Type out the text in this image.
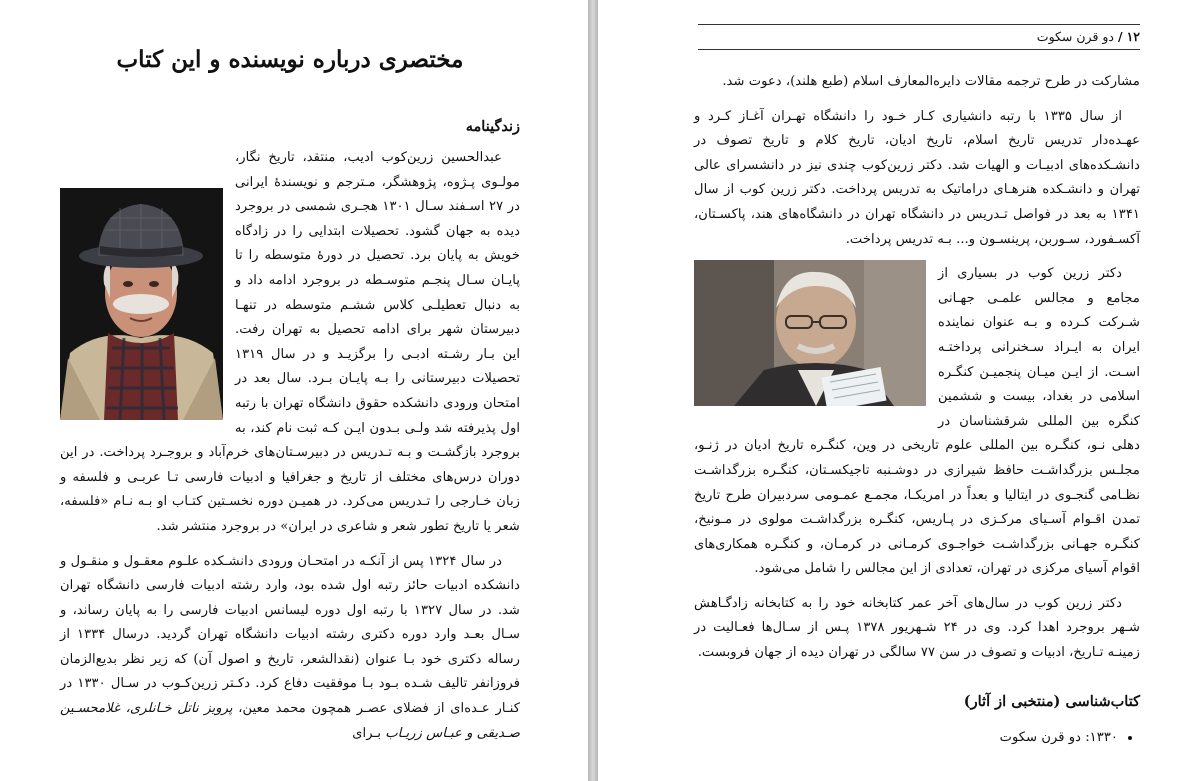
مختصری درباره نویسنده و این کتاب
زندگینامه

عبدالحسین زرین‌کوب ادیب، منتقد، تاریخ نگار، مولـوی پـژوه، پژوهشگر، مـترجم و نویسنده‌ٔ ایرانی در ۲۷ اسـفند سـال ۱۳۰۱ هجـری شمسی در بروجرد دیده به جهان گشود. تحصیلات ابتدایی را در زادگاه خویش به پایان برد. تحصیل در دوره‌ٔ متوسطه را تا پایـان سـال پنجـم متوسـطه در بروجرد ادامه داد و به دنبال تعطیلـی کلاس ششـم متوسطه در تنهـا دبیرستان شهر برای ادامه تحصیل به تهران رفت. این بـار رشـته ادبـی را برگزیـد و در سال ۱۳۱۹ تحصیلات دبیرستانی را بـه پایـان بـرد. سال بعد در امتحان ورودی دانشکده حقوق دانشگاه تهران با رتبه اول پذیرفته شد ولـی بـدون ایـن کـه ثبت نام کند، به بروجرد بازگشـت و بـه تـدریس در دبیرسـتان‌های خرم‌آباد و بروجـرد پرداخت. در این دوران درس‌های مختلف از تاریخ و جغرافیا و ادبیات فارسی تـا عربـی و فلسفه و زبان خـارجی را تـدریس می‌کرد. در همیـن دوره نخسـتین کتـاب او بـه نـام «فلسفه، شعر یا تاریخ تطور شعر و شاعری در ایران» در بروجرد منتشر شد.

در سال ۱۳۲۴ پس از آنکـه در امتحـان ورودی دانشـکده علـوم معقـول و منقـول و دانشکده ادبیات حائز رتبه اول شده بود، وارد رشته ادبیات فارسی دانشگاه تهران شد. در سال ۱۳۲۷ با رتبه اول دوره لیسانس ادبیات فارسی را به پایان رساند، و سـال بعـد وارد دوره دکتری رشته ادبیات دانشگاه تهران گردید. درسال ۱۳۳۴ از رساله دکتری خود بـا عنوان (نقدالشعر، تاریخ و اصول آن) که زیر نظر بدیع‌الزمان فروزانفر تالیف شـده بـود بـا موفقیت دفاع کرد. دکـتر زرین‌کـوب در سـال ۱۳۳۰ در کنـار عـده‌ای از فضلای عصـر همچون محمد معین، پرویز ناتل خـانلری، غلامحسـین صـدیقی و عبـاس زریـاب بـرای

۱۲ / دو قرن سکوت

مشارکت در طرح ترجمه مقالات دایره‌المعارف اسلام (طبع هلند)، دعوت شد.

از سال ۱۳۳۵ با رتبه دانشیاری کـار خـود را دانشگاه تهـران آغـاز کـرد و عهـده‌دار تدریس تاریخ اسلام، تاریخ ادیان، تاریخ کلام و تاریخ تصوف در دانشـکده‌های ادبیـات و الهیات شد. دکتر زرین‌کوب چندی نیز در دانشسرای عالی تهران و دانشـکده هنرهـای دراماتیک به تدریس پرداخت. دکتر زرین کوب از سال ۱۳۴۱ به بعد در فواصل تـدریس در دانشگاه تهران در دانشگاه‌های هند، پاکسـتان، آکسـفورد، سـوربن، پرینسـون و... بـه تدریس پرداخت.

دکتر زرین کوب در بسیاری از مجامع و مجالس علمـی جهـانی شـرکت کـرده و بـه عنوان نماینده ایران به ایـراد سـخنرانی پرداختـه اسـت. از ایـن میـان پنجمیـن کنگـره اسلامی در بغداد، بیست و ششمین کنگره بین المللی شرقشناسان در دهلی نـو، کنگـره بین المللی علوم تاریخی در وین، کنگـره تاریخ ادیان در ژنـو، مجلـس بزرگداشـت حافظ شیرازی در دوشـنبه تاجیکسـتان، کنگـره بزرگداشـت نظـامی گنجـوی در ایتالیا و بعداً در امریکـا، مجمـع عمـومی سردبیران طرح تاریخ تمدن اقـوام آسـیای مرکـزی در پـاریس، کنگـره بزرگداشـت مولوی در مـونیخ، کنگـره جهـانی بزرگداشـت خواجـوی کرمـانی در کرمـان، و کنگـره همکاری‌های اقوام آسیای مرکزی در تهران، تعدادی از این مجالس را شامل می‌شود.

دکتر زرین کوب در سال‌های آخر عمر کتابخانه خود را به کتابخانه زادگـاهش شـهر بروجرد اهدا کرد. وی در ۲۴ شـهریور ۱۳۷۸ پـس از سـال‌ها فعـالیت در زمینـه تـاریخ، ادبیات و تصوف در سن ۷۷ سالگی در تهران دیده از جهان فروبست.

کتاب‌شناسی (منتخبی از آثار)
• ۱۳۳۰: دو قرن سکوت
